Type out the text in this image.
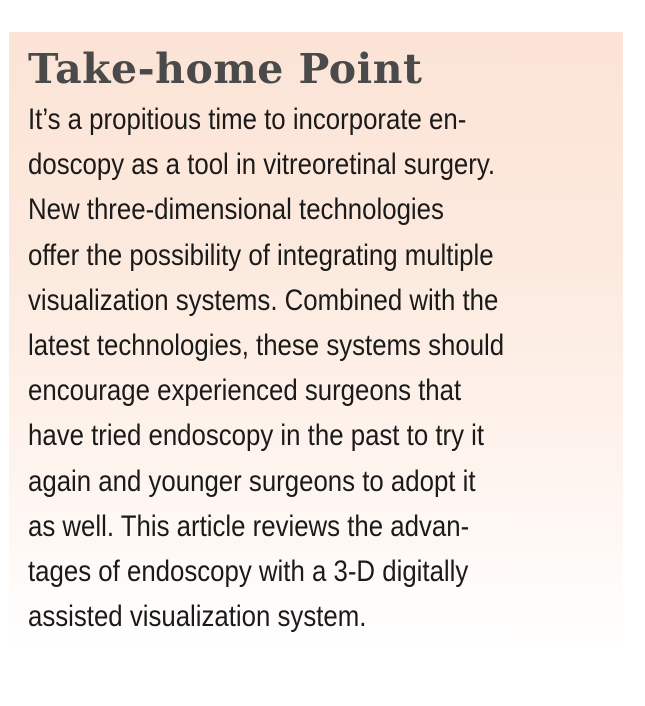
Take-home Point
It’s a propitious time to incorporate en-
doscopy as a tool in vitreoretinal surgery.
New three-dimensional technologies
offer the possibility of integrating multiple
visualization systems. Combined with the
latest technologies, these systems should
encourage experienced surgeons that
have tried endoscopy in the past to try it
again and younger surgeons to adopt it
as well. This article reviews the advan-
tages of endoscopy with a 3-D digitally
assisted visualization system.
